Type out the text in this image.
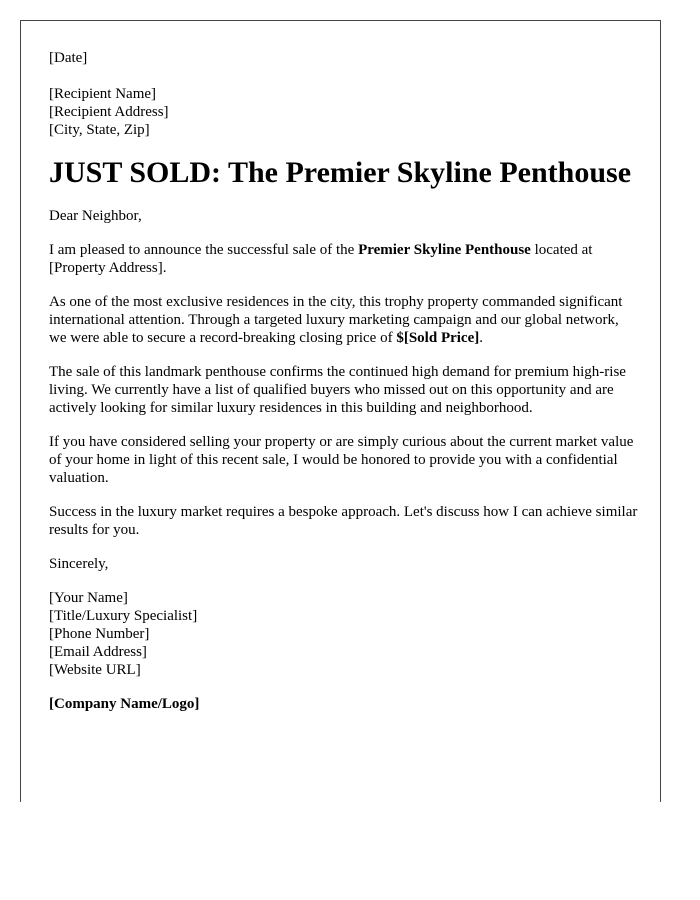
[Date]
[Recipient Name]
[Recipient Address]
[City, State, Zip]
JUST SOLD: The Premier Skyline Penthouse

Dear Neighbor,

I am pleased to announce the successful sale of the Premier Skyline Penthouse located at [Property Address].

As one of the most exclusive residences in the city, this trophy property commanded significant international attention. Through a targeted luxury marketing campaign and our global network, we were able to secure a record-breaking closing price of $[Sold Price].

The sale of this landmark penthouse confirms the continued high demand for premium high-rise living. We currently have a list of qualified buyers who missed out on this opportunity and are actively looking for similar luxury residences in this building and neighborhood.

If you have considered selling your property or are simply curious about the current market value of your home in light of this recent sale, I would be honored to provide you with a confidential valuation.

Success in the luxury market requires a bespoke approach. Let's discuss how I can achieve similar results for you.

Sincerely,

[Your Name]
[Title/Luxury Specialist]
[Phone Number]
[Email Address]
[Website URL]
[Company Name/Logo]
